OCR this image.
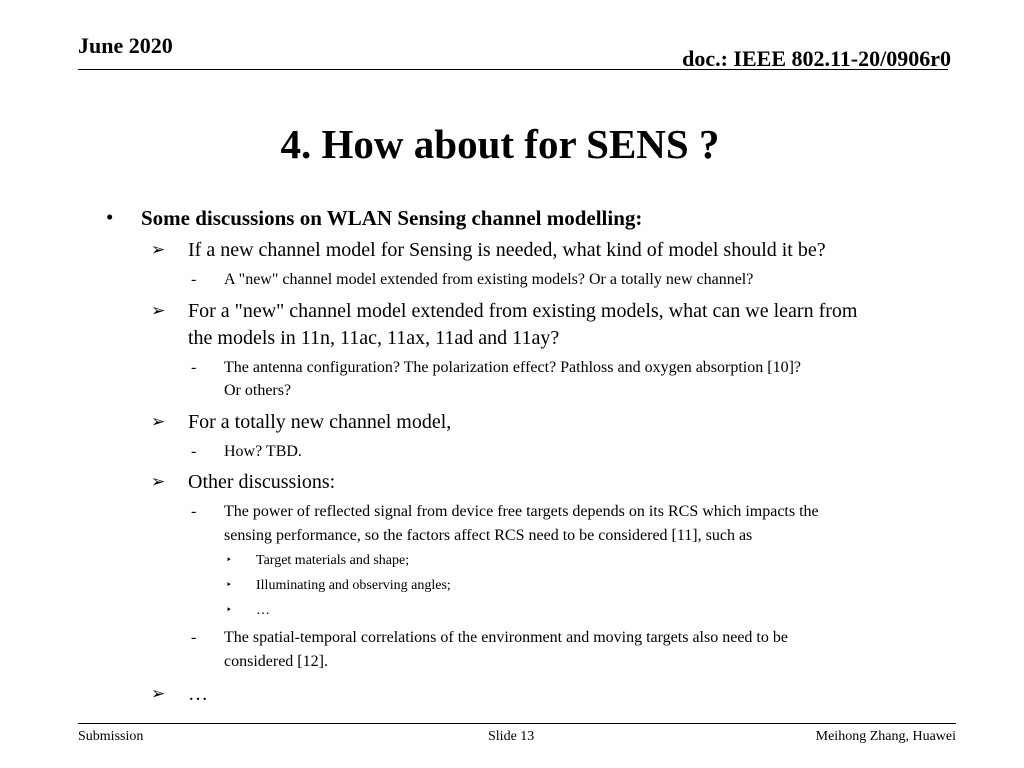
June 2020
doc.: IEEE 802.11-20/0906r0
4. How about for SENS ?
• Some discussions on WLAN Sensing channel modelling:
➢ If a new channel model for Sensing is needed, what kind of model should it be?
- A "new" channel model extended from existing models? Or a totally new channel?
➢ For a "new" channel model extended from existing models, what can we learn from
the models in 11n, 11ac, 11ax, 11ad and 11ay?
- The antenna configuration? The polarization effect? Pathloss and oxygen absorption [10]?
Or others?
➢ For a totally new channel model,
- How? TBD.
➢ Other discussions:
- The power of reflected signal from device free targets depends on its RCS which impacts the
sensing performance, so the factors affect RCS need to be considered [11], such as
‣ Target materials and shape;
‣ Illuminating and observing angles;
‣ …
- The spatial-temporal correlations of the environment and moving targets also need to be
considered [12].
➢ …
Submission	Slide 13	Meihong Zhang, Huawei
